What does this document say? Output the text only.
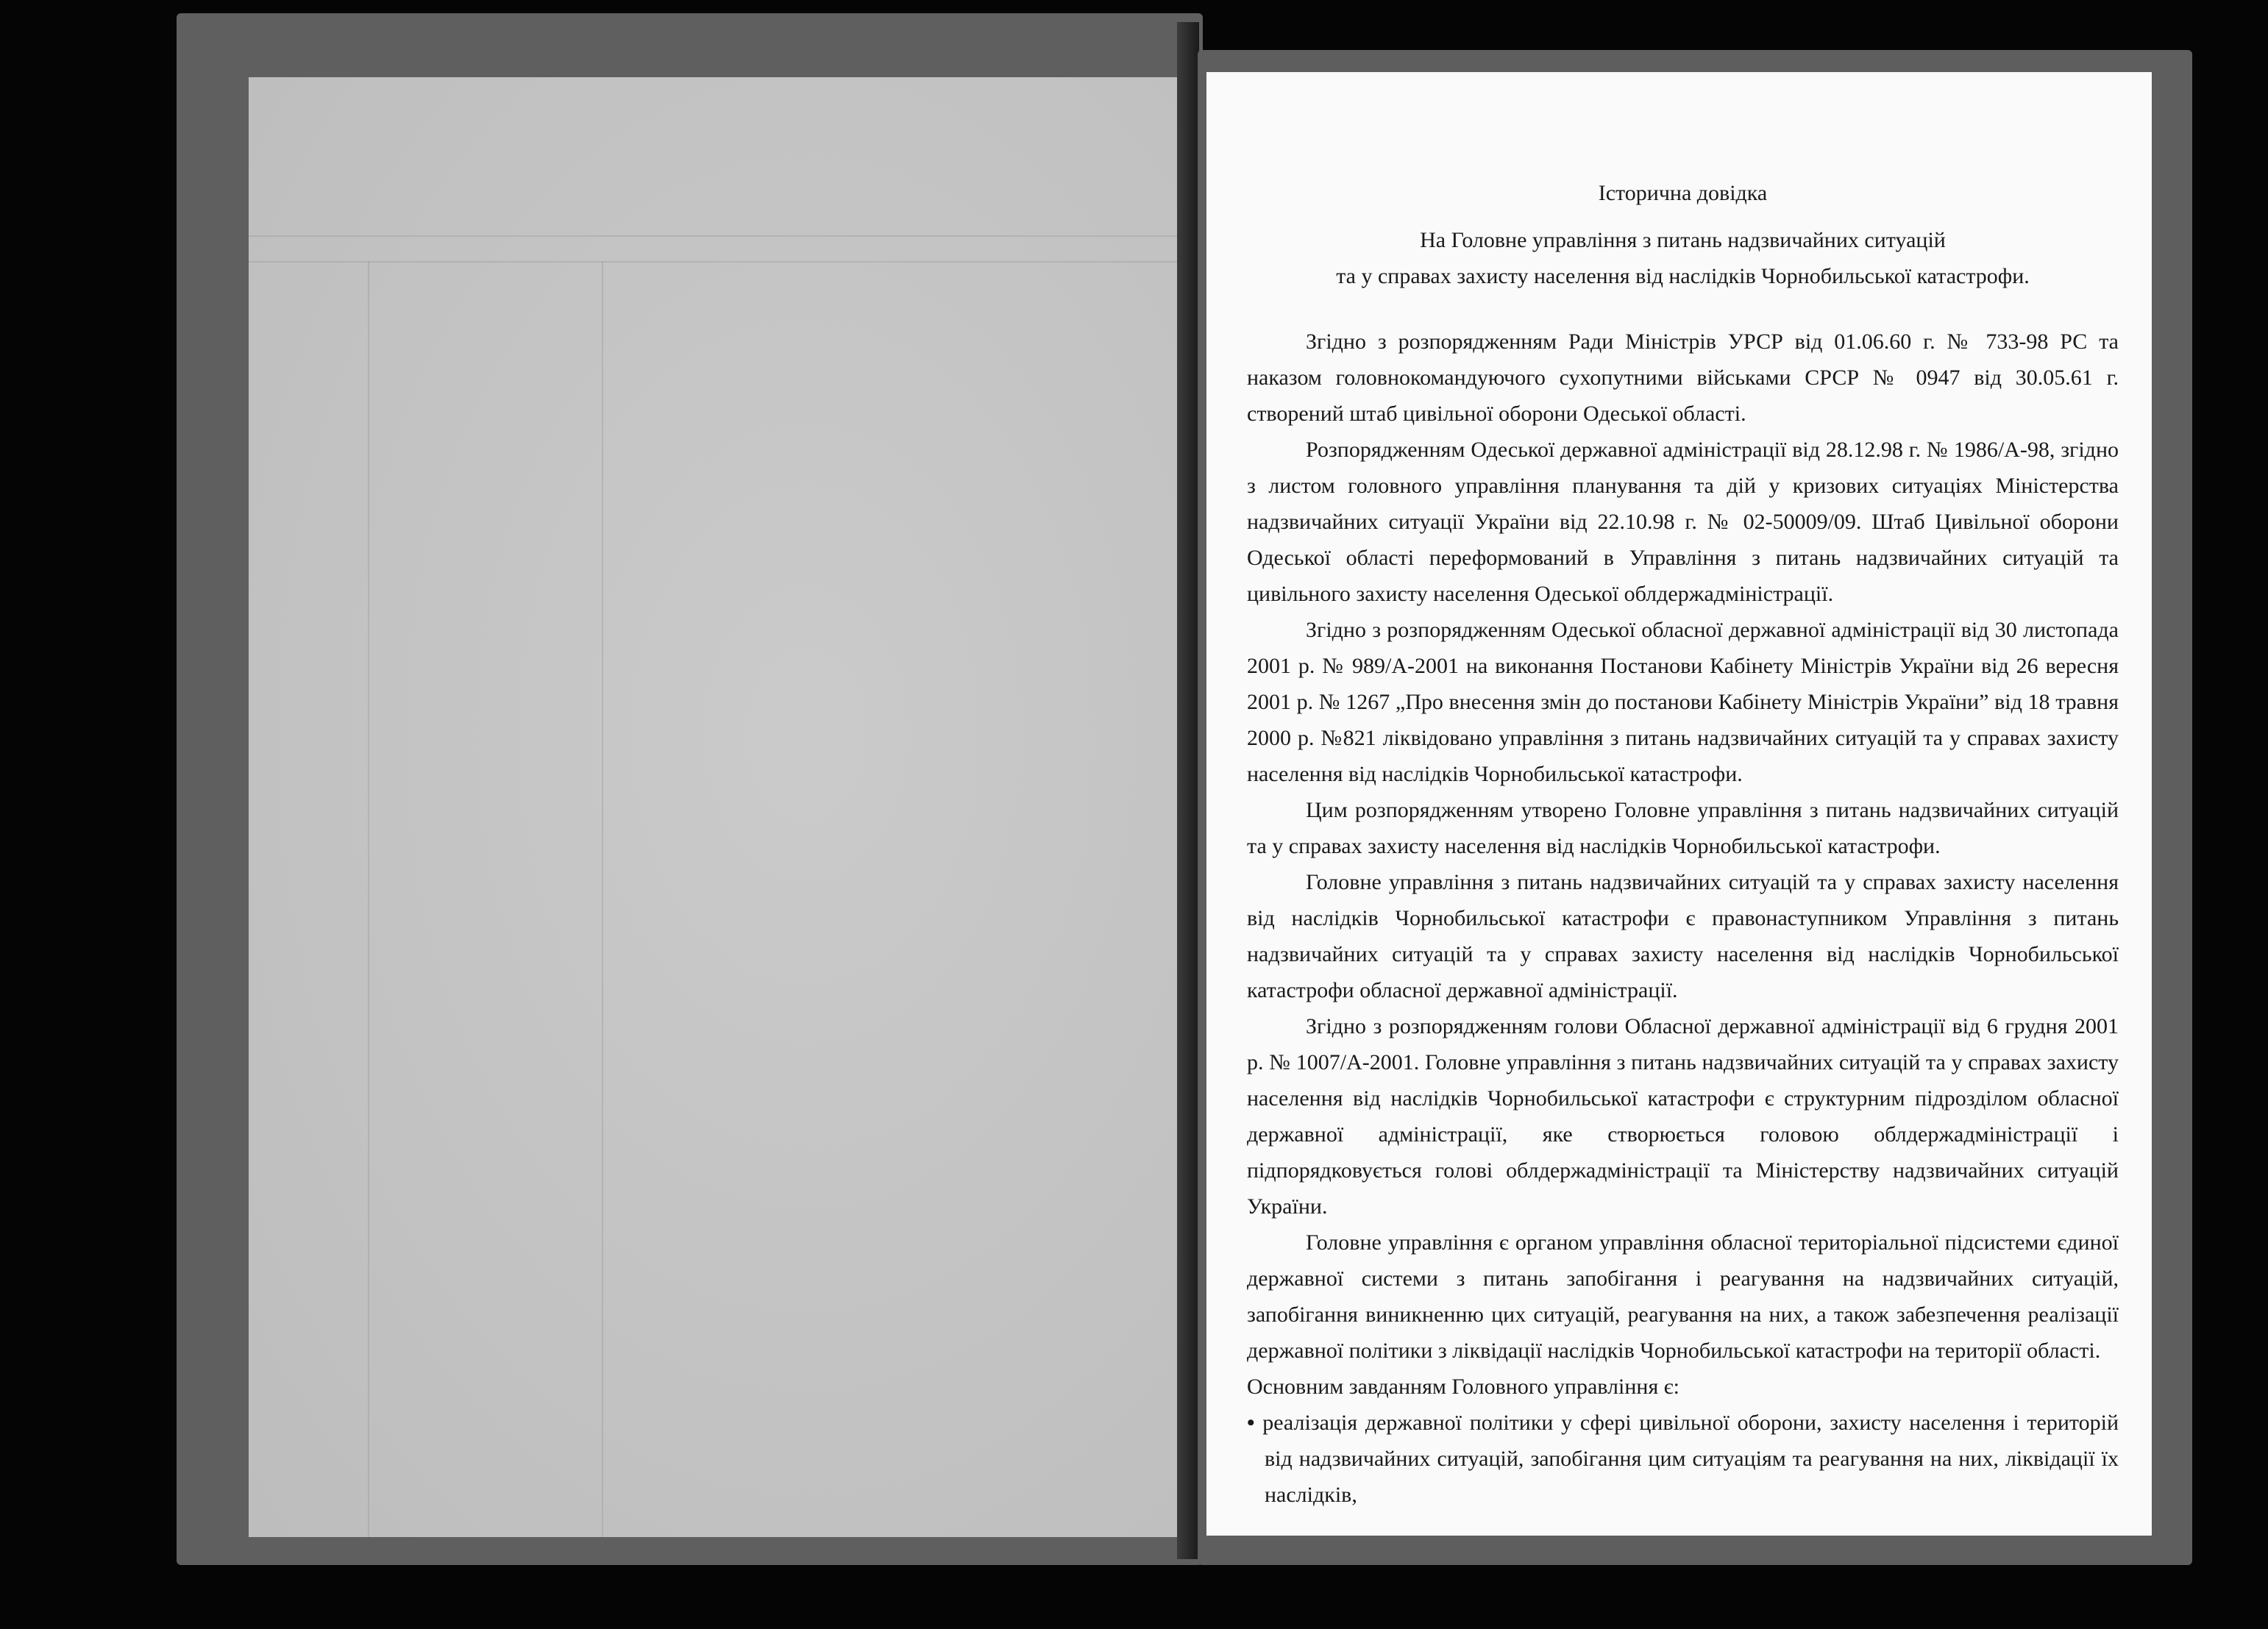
Історична довідка

На Головне управління з питань надзвичайних ситуацій
та у справах захисту населення від наслідків Чорнобильської катастрофи.

Згідно з розпорядженням Ради Міністрів УРСР від 01.06.60 г. № 733-98 РС та наказом головнокомандуючого сухопутними військами СРСР № 0947 від 30.05.61 г. створений штаб цивільної оборони Одеської області.

Розпорядженням Одеської державної адміністрації від 28.12.98 г. № 1986/А-98, згідно з листом головного управління планування та дій у кризових ситуаціях Міністерства надзвичайних ситуації України від 22.10.98 г. № 02-50009/09. Штаб Цивільної оборони Одеської області переформований в Управління з питань надзвичайних ситуацій та цивільного захисту населення Одеської облдержадміністрації.

Згідно з розпорядженням Одеської обласної державної адміністрації від 30 листопада 2001 р. № 989/А-2001 на виконання Постанови Кабінету Міністрів України від 26 вересня 2001 р. № 1267 „Про внесення змін до постанови Кабінету Міністрів України” від 18 травня 2000 р. №821 ліквідовано управління з питань надзвичайних ситуацій та у справах захисту населення від наслідків Чорнобильської катастрофи.

Цим розпорядженням утворено Головне управління з питань надзвичайних ситуацій та у справах захисту населення від наслідків Чорнобильської катастрофи.

Головне управління з питань надзвичайних ситуацій та у справах захисту населення від наслідків Чорнобильської катастрофи є правонаступником Управління з питань надзвичайних ситуацій та у справах захисту населення від наслідків Чорнобильської катастрофи обласної державної адміністрації.

Згідно з розпорядженням голови Обласної державної адміністрації від 6 грудня 2001 р. № 1007/А-2001. Головне управління з питань надзвичайних ситуацій та у справах захисту населення від наслідків Чорнобильської катастрофи є структурним підрозділом обласної державної адміністрації, яке створюється головою облдержадміністрації і підпорядковується голові облдержадміністрації та Міністерству надзвичайних ситуацій України.

Головне управління є органом управління обласної територіальної підсистеми єдиної державної системи з питань запобігання і реагування на надзвичайних ситуацій, запобігання виникненню цих ситуацій, реагування на них, а також забезпечення реалізації державної політики з ліквідації наслідків Чорнобильської катастрофи на території області.

Основним завданням Головного управління є:

• реалізація державної політики у сфері цивільної оборони, захисту населення і територій від надзвичайних ситуацій, запобігання цим ситуаціям та реагування на них, ліквідації їх наслідків,
